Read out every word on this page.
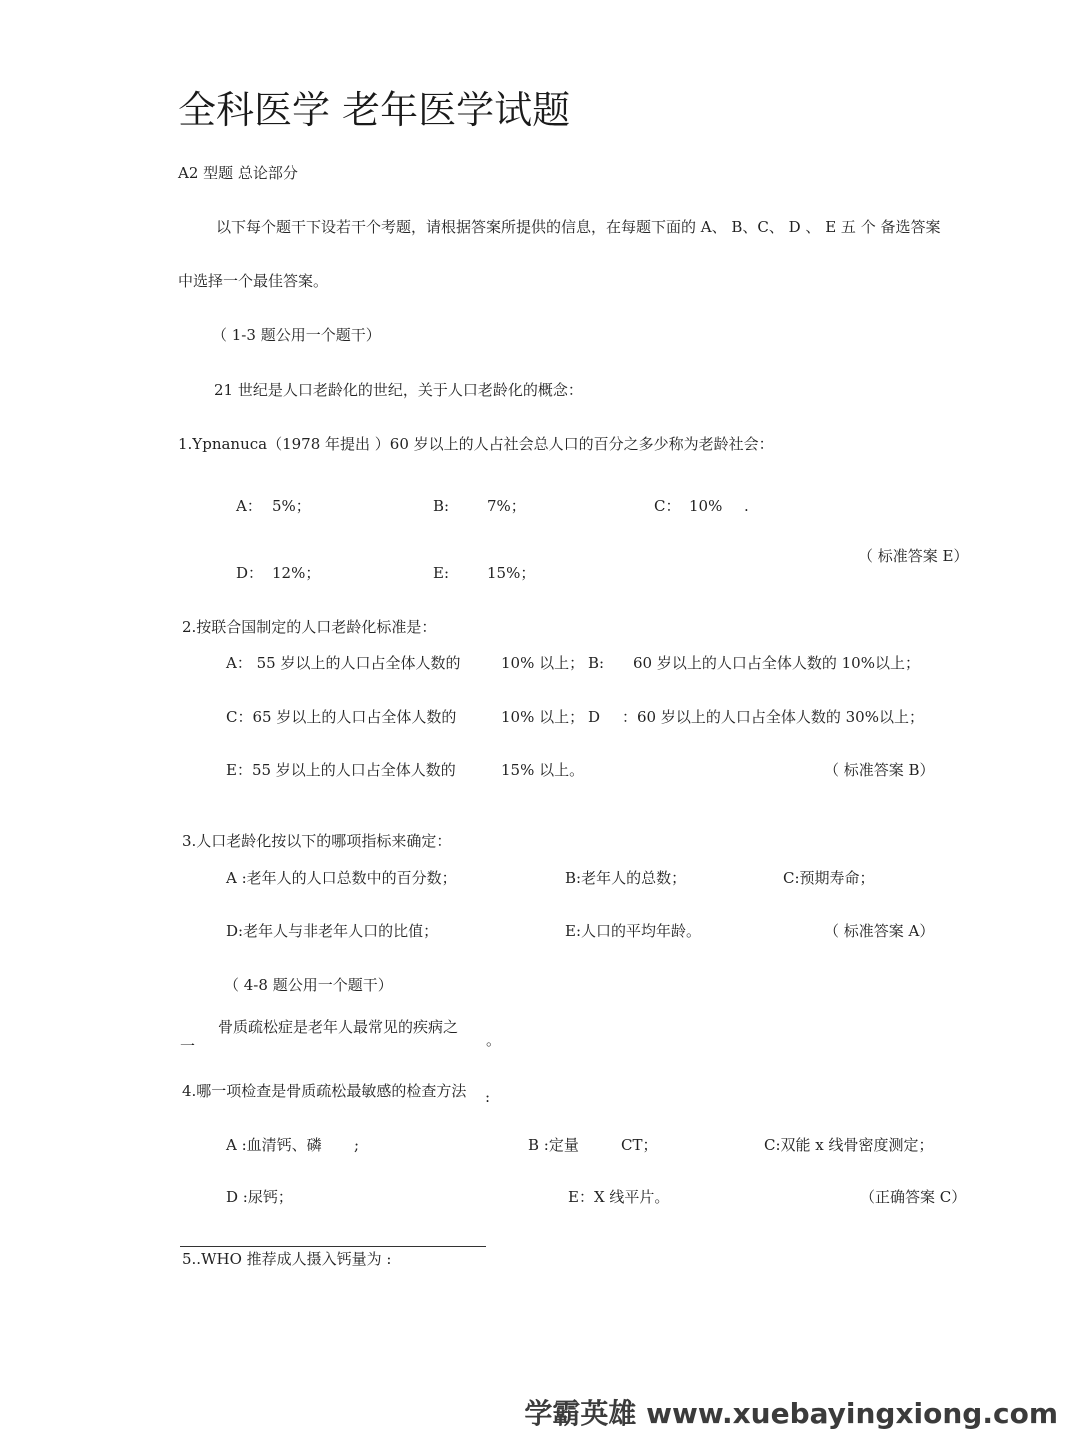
全科医学 老年医学试题
A2 型题 总论部分
以下每个题干下设若干个考题，请根据答案所提供的信息，在每题下面的 A、 B、C、 D 、 E 五 个 备选答案
中选择一个最佳答案。
（ 1-3 题公用一个题干）
21 世纪是人口老龄化的世纪，关于人口老龄化的概念：
1.Ypnanuca（1978 年提出 ）60 岁以上的人占社会总人口的百分之多少称为老龄社会：
A： 5%；	B:	7%；	C： 10% .
（ 标准答案 E）
D： 12%；	E:	15%；
2.按联合国制定的人口老龄化标准是：
A： 55 岁以上的人口占全体人数的	10% 以上； B: 60 岁以上的人口占全体人数的 10%以上；
C：65 岁以上的人口占全体人数的	10% 以上； D ：60 岁以上的人口占全体人数的 30%以上；
E：55 岁以上的人口占全体人数的	15% 以上。	（ 标准答案 B）
3.人口老龄化按以下的哪项指标来确定：
A :老年人的人口总数中的百分数；	B:老年人的总数；	C:预期寿命；
D:老年人与非老年人口的比值；	E:人口的平均年龄。	（ 标准答案 A）
（ 4-8 题公用一个题干）
骨质疏松症是老年人最常见的疾病之
一	。
4.哪一项检查是骨质疏松最敏感的检查方法 :
A :血清钙、磷 ;	B :定量	CT；	C:双能 x 线骨密度测定；
D :尿钙；	E：X 线平片。	（正确答案 C）
5..WHO 推荐成人摄入钙量为 :
学霸英雄 www.xuebayingxiong.com
